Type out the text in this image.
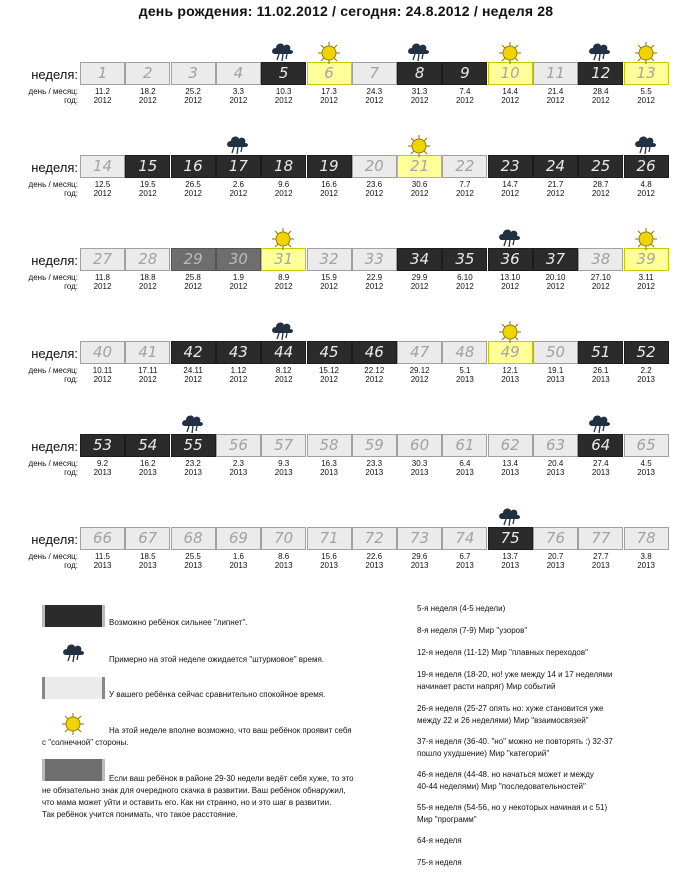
день рождения: 11.02.2012 / сегодня: 24.8.2012 / неделя 28
неделя:
день / месяц:
год:
1
11.2
2012
2
18.2
2012
3
25.2
2012
4
3.3
2012
5
10.3
2012
6
17.3
2012
7
24.3
2012
8
31.3
2012
9
7.4
2012
10
14.4
2012
11
21.4
2012
12
28.4
2012
13
5.5
2012
неделя:
день / месяц:
год:
14
12.5
2012
15
19.5
2012
16
26.5
2012
17
2.6
2012
18
9.6
2012
19
16.6
2012
20
23.6
2012
21
30.6
2012
22
7.7
2012
23
14.7
2012
24
21.7
2012
25
28.7
2012
26
4.8
2012
неделя:
день / месяц:
год:
27
11.8
2012
28
18.8
2012
29
25.8
2012
30
1.9
2012
31
8.9
2012
32
15.9
2012
33
22.9
2012
34
29.9
2012
35
6.10
2012
36
13.10
2012
37
20.10
2012
38
27.10
2012
39
3.11
2012
неделя:
день / месяц:
год:
40
10.11
2012
41
17.11
2012
42
24.11
2012
43
1.12
2012
44
8.12
2012
45
15.12
2012
46
22.12
2012
47
29.12
2012
48
5.1
2013
49
12.1
2013
50
19.1
2013
51
26.1
2013
52
2.2
2013
неделя:
день / месяц:
год:
53
9.2
2013
54
16.2
2013
55
23.2
2013
56
2.3
2013
57
9.3
2013
58
16.3
2013
59
23.3
2013
60
30.3
2013
61
6.4
2013
62
13.4
2013
63
20.4
2013
64
27.4
2013
65
4.5
2013
неделя:
день / месяц:
год:
66
11.5
2013
67
18.5
2013
68
25.5
2013
69
1.6
2013
70
8.6
2013
71
15.6
2013
72
22.6
2013
73
29.6
2013
74
6.7
2013
75
13.7
2013
76
20.7
2013
77
27.7
2013
78
3.8
2013
Возможно ребёнок сильнее "липнет".
Примерно на этой неделе ожидается "штурмовое" время.
У вашего ребёнка сейчас сравнительно спокойное время.
На этой неделе вполне возможно, что ваш ребёнок проявит себя
с "солнечной" стороны.
Если ваш ребёнок в районе 29-30 недели ведёт себя хуже, то это
не обязательно знак для очередного скачка в развитии. Ваш ребёнок обнаружил,
что мама может уйти и оставить его. Как ни странно, но и это шаг в развитии.
Так ребёнок учится понимать, что такое расстояние.
5-я неделя (4-5 недели)
8-я неделя (7-9) Мир "узоров"
12-я неделя (11-12) Мир "плавных переходов"
19-я неделя (18-20, но! уже между 14 и 17 неделями
начинает расти напряг) Мир событий
26-я неделя (25-27 опять но: хуже становится уже
между 22 и 26 неделями) Мир "взаимосвязей"
37-я неделя (36-40. "но" можно не повторять :) 32-37
пошло ухудшение) Мир "категорий"
46-я неделя (44-48. но начаться может и между
40-44 неделями) Мир "последовательностей"
55-я неделя (54-56, но у некоторых начиная и с 51)
Мир "программ"
64-я неделя
75-я неделя
